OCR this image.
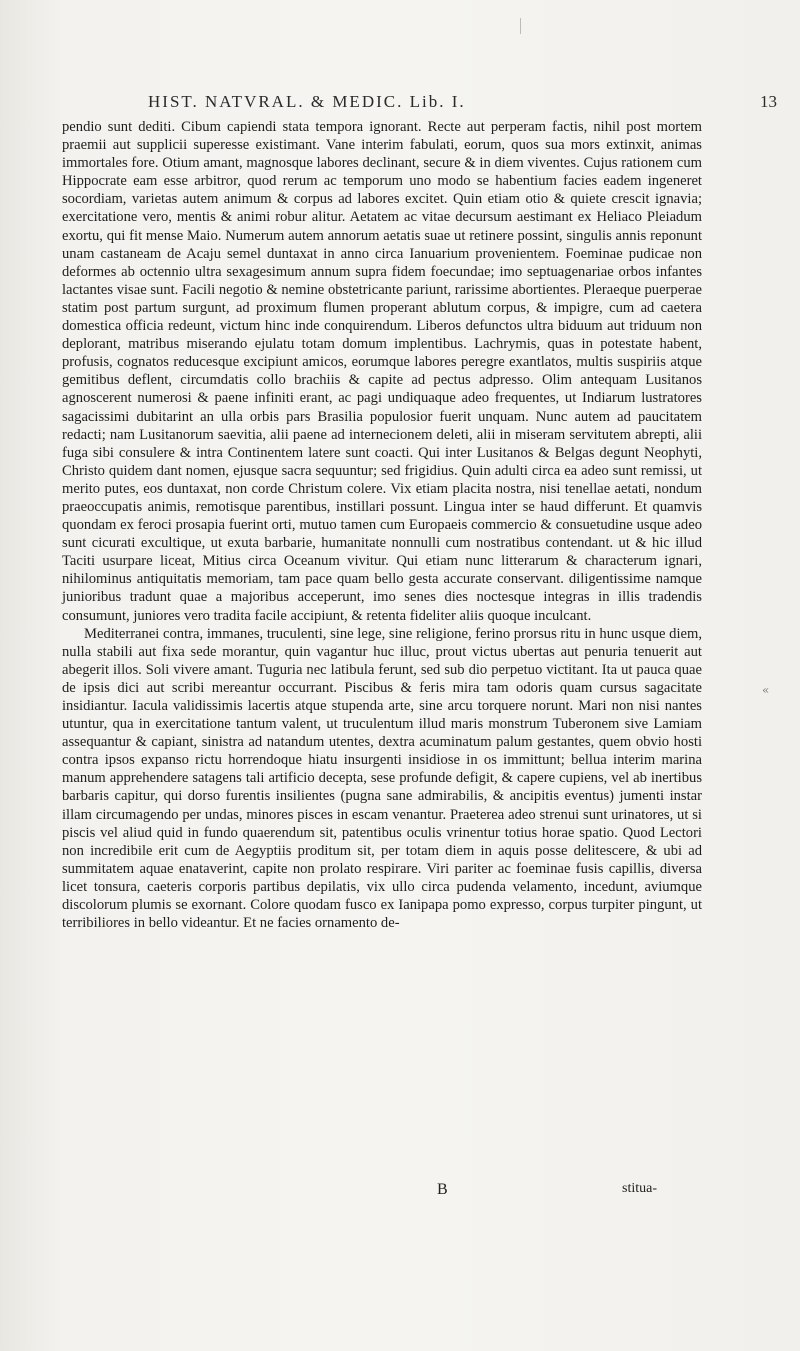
HIST. NATVRAL. & MEDIC. Lib. I.	13

pendio sunt dediti. Cibum capiendi stata tempora ignorant. Recte aut perperam factis, nihil post mortem praemii aut supplicii superesse existimant. Vane interim fabulati, eorum, quos sua mors extinxit, animas immortales fore. Otium amant, magnosque labores declinant, secure & in diem viventes. Cujus rationem cum Hippocrate eam esse arbitror, quod rerum ac temporum uno modo se habentium facies eadem ingeneret socordiam, varietas autem animum & corpus ad labores excitet. Quin etiam otio & quiete crescit ignavia; exercitatione vero, mentis & animi robur alitur. Aetatem ac vitae decursum aestimant ex Heliaco Pleiadum exortu, qui fit mense Maio. Numerum autem annorum aetatis suae ut retinere possint, singulis annis reponunt unam castaneam de Acaju semel duntaxat in anno circa Ianuarium provenientem. Foeminae pudicae non deformes ab octennio ultra sexagesimum annum supra fidem foecundae; imo septuagenariae orbos infantes lactantes visae sunt. Facili negotio & nemine obstetricante pariunt, rarissime abortientes. Pleraeque puerperae statim post partum surgunt, ad proximum flumen properant ablutum corpus, & impigre, cum ad caetera domestica officia redeunt, victum hinc inde conquirendum. Liberos defunctos ultra biduum aut triduum non deplorant, matribus miserando ejulatu totam domum implentibus. Lachrymis, quas in potestate habent, profusis, cognatos reducesque excipiunt amicos, eorumque labores peregre exantlatos, multis suspiriis atque gemitibus deflent, circumdatis collo brachiis & capite ad pectus adpresso. Olim antequam Lusitanos agnoscerent numerosi & paene infiniti erant, ac pagi undiquaque adeo frequentes, ut Indiarum lustratores sagacissimi dubitarint an ulla orbis pars Brasilia populosior fuerit unquam. Nunc autem ad paucitatem redacti; nam Lusitanorum saevitia, alii paene ad internecionem deleti, alii in miseram servitutem abrepti, alii fuga sibi consulere & intra Continentem latere sunt coacti. Qui inter Lusitanos & Belgas degunt Neophyti, Christo quidem dant nomen, ejusque sacra sequuntur; sed frigidius. Quin adulti circa ea adeo sunt remissi, ut merito putes, eos duntaxat, non corde Christum colere. Vix etiam placita nostra, nisi tenellae aetati, nondum praeoccupatis animis, remotisque parentibus, instillari possunt. Lingua inter se haud differunt. Et quamvis quondam ex feroci prosapia fuerint orti, mutuo tamen cum Europaeis commercio & consuetudine usque adeo sunt cicurati excultique, ut exuta barbarie, humanitate nonnulli cum nostratibus contendant. ut & hic illud Taciti usurpare liceat, Mitius circa Oceanum vivitur. Qui etiam nunc litterarum & characterum ignari, nihilominus antiquitatis memoriam, tam pace quam bello gesta accurate conservant. diligentissime namque junioribus tradunt quae a majoribus acceperunt, imo senes dies noctesque integras in illis tradendis consumunt, juniores vero tradita facile accipiunt, & retenta fideliter aliis quoque inculcant.

Mediterranei contra, immanes, truculenti, sine lege, sine religione, ferino prorsus ritu in hunc usque diem, nulla stabili aut fixa sede morantur, quin vagantur huc illuc, prout victus ubertas aut penuria tenuerit aut abegerit illos. Soli vivere amant. Tuguria nec latibula ferunt, sed sub dio perpetuo victitant. Ita ut pauca quae de ipsis dici aut scribi mereantur occurrant. Piscibus & feris mira tam odoris quam cursus sagacitate insidiantur. Iacula validissimis lacertis atque stupenda arte, sine arcu torquere norunt. Mari non nisi nantes utuntur, qua in exercitatione tantum valent, ut truculentum illud maris monstrum Tuberonem sive Lamiam assequantur & capiant, sinistra ad natandum utentes, dextra acuminatum palum gestantes, quem obvio hosti contra ipsos expanso rictu horrendoque hiatu insurgenti insidiose in os immittunt; bellua interim marina manum apprehendere satagens tali artificio decepta, sese profunde defigit, & capere cupiens, vel ab inertibus barbaris capitur, qui dorso furentis insilientes (pugna sane admirabilis, & ancipitis eventus) jumenti instar illam circumagendo per undas, minores pisces in escam venantur. Praeterea adeo strenui sunt urinatores, ut si piscis vel aliud quid in fundo quaerendum sit, patentibus oculis vrinentur totius horae spatio. Quod Lectori non incredibile erit cum de Aegyptiis proditum sit, per totam diem in aquis posse delitescere, & ubi ad summitatem aquae enataverint, capite non prolato respirare. Viri pariter ac foeminae fusis capillis, diversa licet tonsura, caeteris corporis partibus depilatis, vix ullo circa pudenda velamento, incedunt, aviumque discolorum plumis se exornant. Colore quodam fusco ex Ianipapa pomo expresso, corpus turpiter pingunt, ut terribiliores in bello videantur. Et ne facies ornamento de-

«
B	stitua-
